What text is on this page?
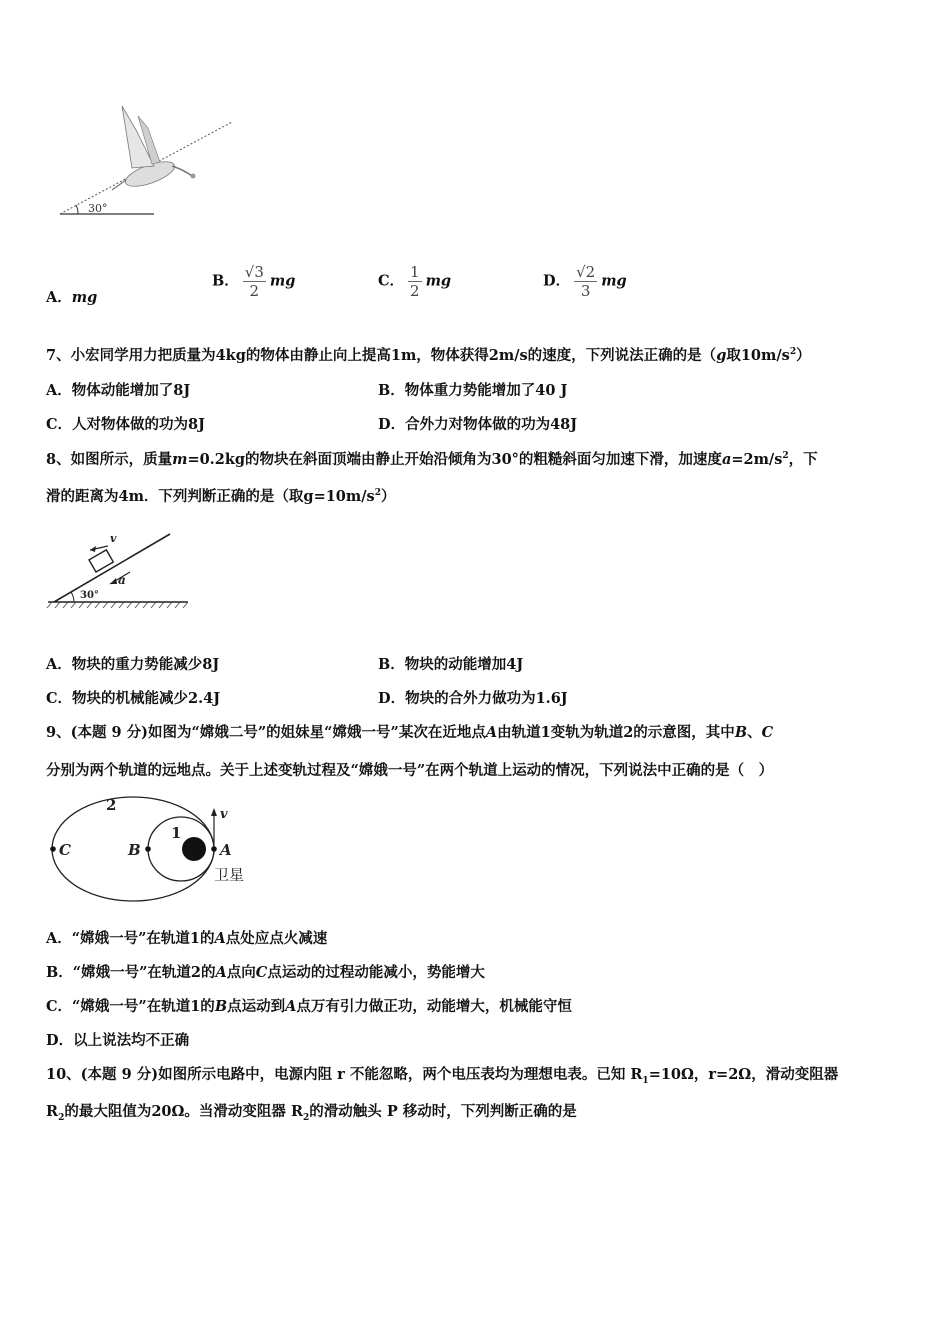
30°
A．mg
B． $\frac{√3}{2}$ mg	C． $\frac{1}{2}$ mg	D． $\frac{√2}{3}$ mg
7、小宏同学用力把质量为4kg的物体由静止向上提高1m，物体获得2m/s的速度，下列说法正确的是（g取$10m/s^2$）
A．物体动能增加了8J	B．物体重力势能增加了40 J
C．人对物体做的功为8J	D．合外力对物体做的功为48J
8、如图所示，质量m=0.2kg的物块在斜面顶端由静止开始沿倾角为30°的粗糙斜面匀加速下滑，加速度$a=2m/s^2$，下
滑的距离为4m．下列判断正确的是（取$g=10m/s^2$）
30°
v
a
A．物块的重力势能减少8J	B．物块的动能增加4J
C．物块的机械能减少2.4J	D．物块的合外力做功为1.6J
9、(本题 9 分)如图为“嫦娥二号”的姐妹星“嫦娥一号”某次在近地点A由轨道1变轨为轨道2的示意图，其中B、C
分别为两个轨道的远地点。关于上述变轨过程及“嫦娥一号”在两个轨道上运动的情况，下列说法中正确的是（　）
v
2
1
C	B	A
卫星
A．“嫦娥一号”在轨道1的A点处应点火减速
B．“嫦娥一号”在轨道2的A点向C点运动的过程动能减小，势能增大
C．“嫦娥一号”在轨道1的B点运动到A点万有引力做正功，动能增大，机械能守恒
D．以上说法均不正确
10、(本题 9 分)如图所示电路中，电源内阻 r 不能忽略，两个电压表均为理想电表。已知 $R_1=10\Omega$，r=2Ω，滑动变阻器
$R_2$的最大阻值为20Ω。当滑动变阻器 $R_2$的滑动触头 P 移动时，下列判断正确的是
